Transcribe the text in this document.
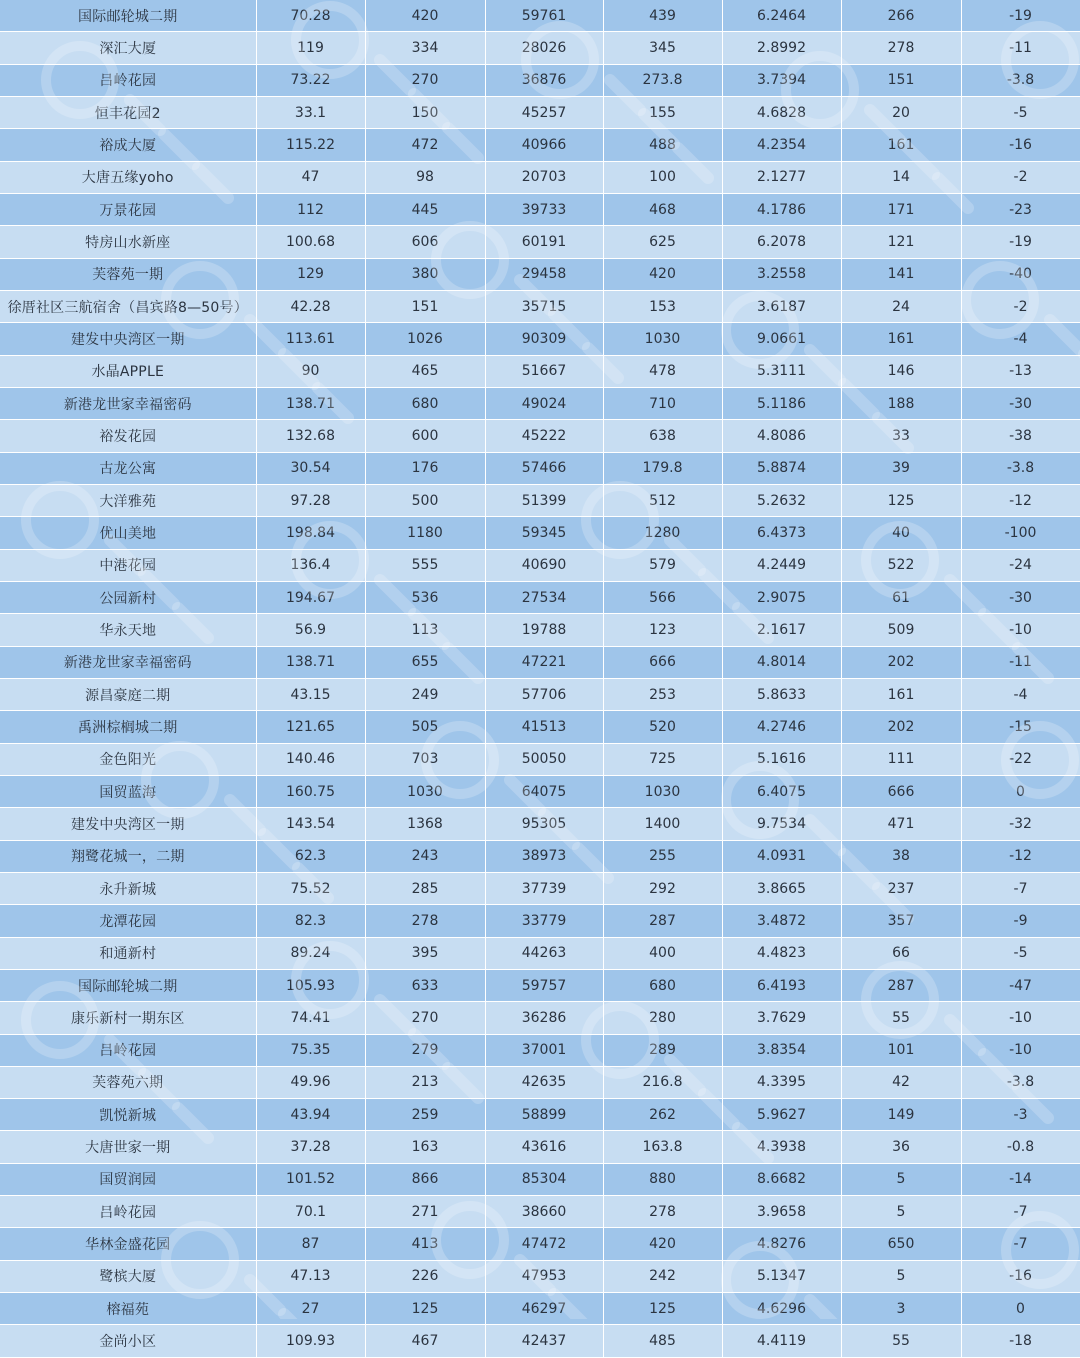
国际邮轮城二期	70.28	420	59761	439	6.2464	266	-19
深汇大厦	119	334	28026	345	2.8992	278	-11
吕岭花园	73.22	270	36876	273.8	3.7394	151	-3.8
恒丰花园2	33.1	150	45257	155	4.6828	20	-5
裕成大厦	115.22	472	40966	488	4.2354	161	-16
大唐五缘yoho	47	98	20703	100	2.1277	14	-2
万景花园	112	445	39733	468	4.1786	171	-23
特房山水新座	100.68	606	60191	625	6.2078	121	-19
芙蓉苑一期	129	380	29458	420	3.2558	141	-40
徐厝社区三航宿舍（昌宾路8—50号）	42.28	151	35715	153	3.6187	24	-2
建发中央湾区一期	113.61	1026	90309	1030	9.0661	161	-4
水晶APPLE	90	465	51667	478	5.3111	146	-13
新港龙世家幸福密码	138.71	680	49024	710	5.1186	188	-30
裕发花园	132.68	600	45222	638	4.8086	33	-38
古龙公寓	30.54	176	57466	179.8	5.8874	39	-3.8
大洋雅苑	97.28	500	51399	512	5.2632	125	-12
优山美地	198.84	1180	59345	1280	6.4373	40	-100
中港花园	136.4	555	40690	579	4.2449	522	-24
公园新村	194.67	536	27534	566	2.9075	61	-30
华永天地	56.9	113	19788	123	2.1617	509	-10
新港龙世家幸福密码	138.71	655	47221	666	4.8014	202	-11
源昌豪庭二期	43.15	249	57706	253	5.8633	161	-4
禹洲棕榈城二期	121.65	505	41513	520	4.2746	202	-15
金色阳光	140.46	703	50050	725	5.1616	111	-22
国贸蓝海	160.75	1030	64075	1030	6.4075	666	0
建发中央湾区一期	143.54	1368	95305	1400	9.7534	471	-32
翔鹭花城一，二期	62.3	243	38973	255	4.0931	38	-12
永升新城	75.52	285	37739	292	3.8665	237	-7
龙潭花园	82.3	278	33779	287	3.4872	357	-9
和通新村	89.24	395	44263	400	4.4823	66	-5
国际邮轮城二期	105.93	633	59757	680	6.4193	287	-47
康乐新村一期东区	74.41	270	36286	280	3.7629	55	-10
吕岭花园	75.35	279	37001	289	3.8354	101	-10
芙蓉苑六期	49.96	213	42635	216.8	4.3395	42	-3.8
凯悦新城	43.94	259	58899	262	5.9627	149	-3
大唐世家一期	37.28	163	43616	163.8	4.3938	36	-0.8
国贸润园	101.52	866	85304	880	8.6682	5	-14
吕岭花园	70.1	271	38660	278	3.9658	5	-7
华林金盛花园	87	413	47472	420	4.8276	650	-7
鹭槟大厦	47.13	226	47953	242	5.1347	5	-16
榕福苑	27	125	46297	125	4.6296	3	0
金尚小区	109.93	467	42437	485	4.4119	55	-18
